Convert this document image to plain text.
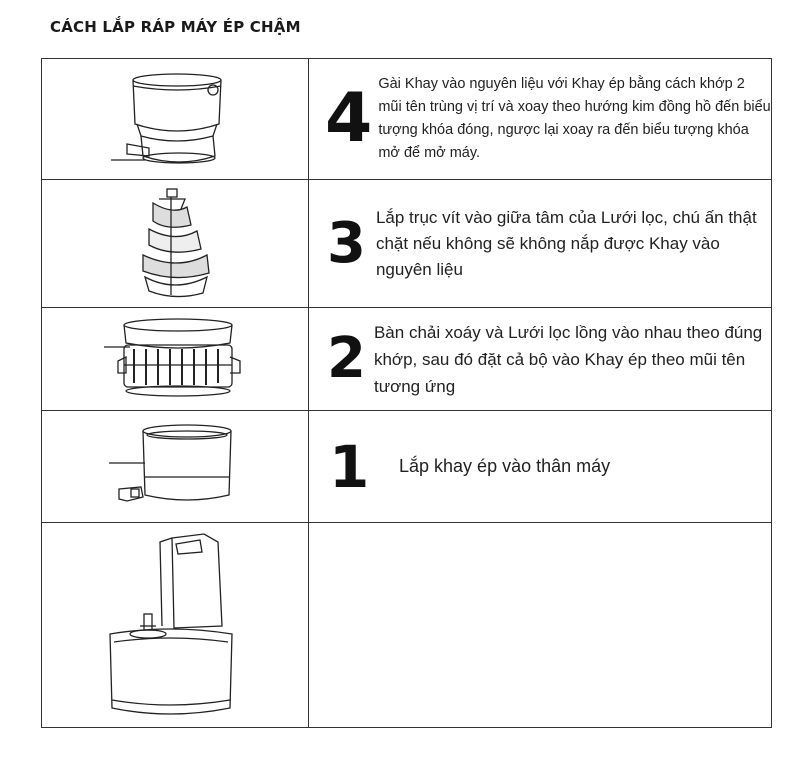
CÁCH LẮP RÁP MÁY ÉP CHẬM

4 Gài Khay vào nguyên liệu với Khay ép bằng cách khớp 2 mũi tên trùng vị trí và xoay theo hướng kim đồng hồ đến biểu tượng khóa đóng, ngược lại xoay ra đến biểu tượng khóa mở để mở máy.

3 Lắp trục vít vào giữa tâm của Lưới lọc, chú ấn thật chặt nếu không sẽ không nắp được Khay vào nguyên liệu

2 Bàn chải xoáy và Lưới lọc lồng vào nhau theo đúng khớp, sau đó đặt cả bộ vào Khay ép theo mũi tên tương ứng

1 Lắp khay ép vào thân máy
